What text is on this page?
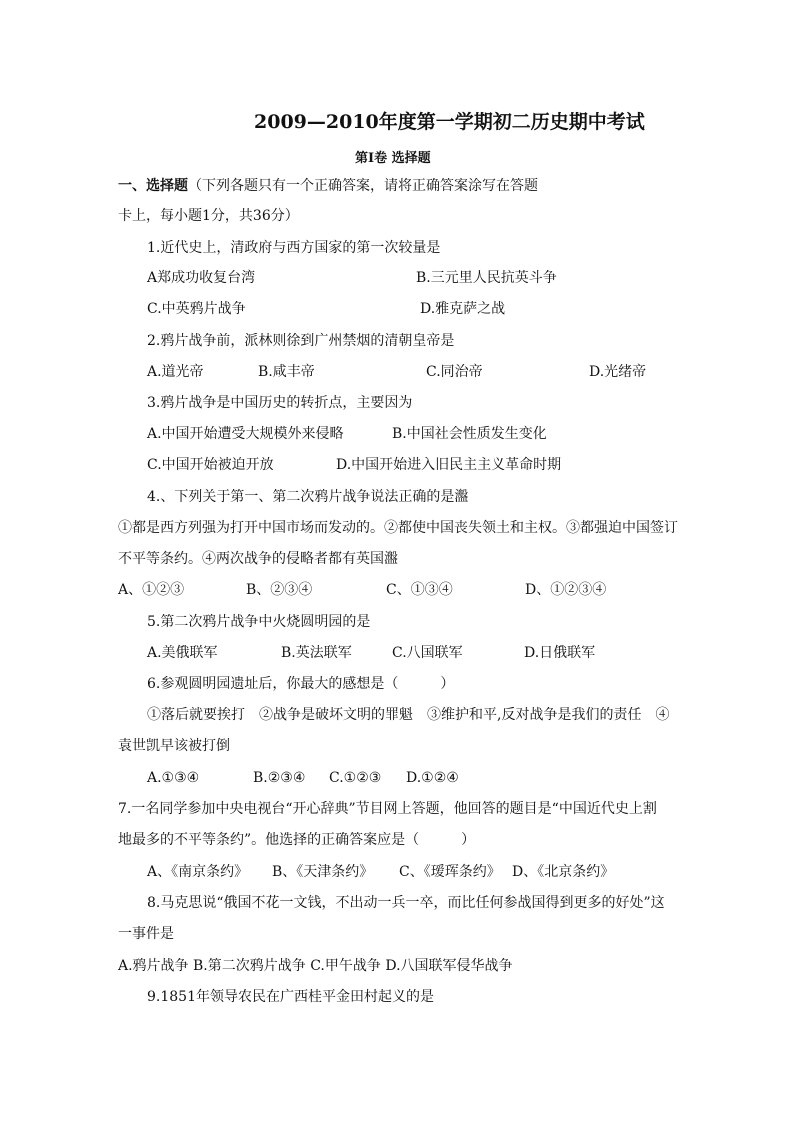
2009—2010年度第一学期初二历史期中考试
第Ⅰ卷 选择题
一、选择题（下列各题只有一个正确答案，请将正确答案涂写在答题
卡上，每小题1分，共36分）
1.近代史上，清政府与西方国家的第一次较量是
A郑成功收复台湾	B.三元里人民抗英斗争
C.中英鸦片战争	D.雅克萨之战
2.鸦片战争前，派林则徐到广州禁烟的清朝皇帝是
A.道光帝	B.咸丰帝	C.同治帝	D.光绪帝
3.鸦片战争是中国历史的转折点，主要因为
A.中国开始遭受大规模外来侵略	B.中国社会性质发生变化
C.中国开始被迫开放	D.中国开始进入旧民主主义革命时期
4.、下列关于第一、第二次鸦片战争说法正确的是瀊
①都是西方列强为打开中国市场而发动的。②都使中国丧失领土和主权。③都强迫中国签订
不平等条约。④两次战争的侵略者都有英国瀊
A、①②③	B、②③④	C、①③④	D、①②③④
5.第二次鸦片战争中火烧圆明园的是
A.美俄联军	B.英法联军	C.八国联军	D.日俄联军
6.参观圆明园遗址后，你最大的感想是（　　　）
①落后就要挨打　②战争是破坏文明的罪魁　③维护和平,反对战争是我们的责任　④
袁世凯早该被打倒
A.①③④	B.②③④ C.①②③ D.①②④
7.一名同学参加中央电视台“开心辞典”节目网上答题，他回答的题目是“中国近代史上割
地最多的不平等条约”。他选择的正确答案应是（　　　）
A、《南京条约》 B、《天津条约》 C、《瑷珲条约》 D、《北京条约》
8.马克思说“俄国不花一文钱，不出动一兵一卒，而比任何参战国得到更多的好处”这
一事件是
A.鸦片战争 B.第二次鸦片战争 C.甲午战争 D.八国联军侵华战争
9.1851年领导农民在广西桂平金田村起义的是
